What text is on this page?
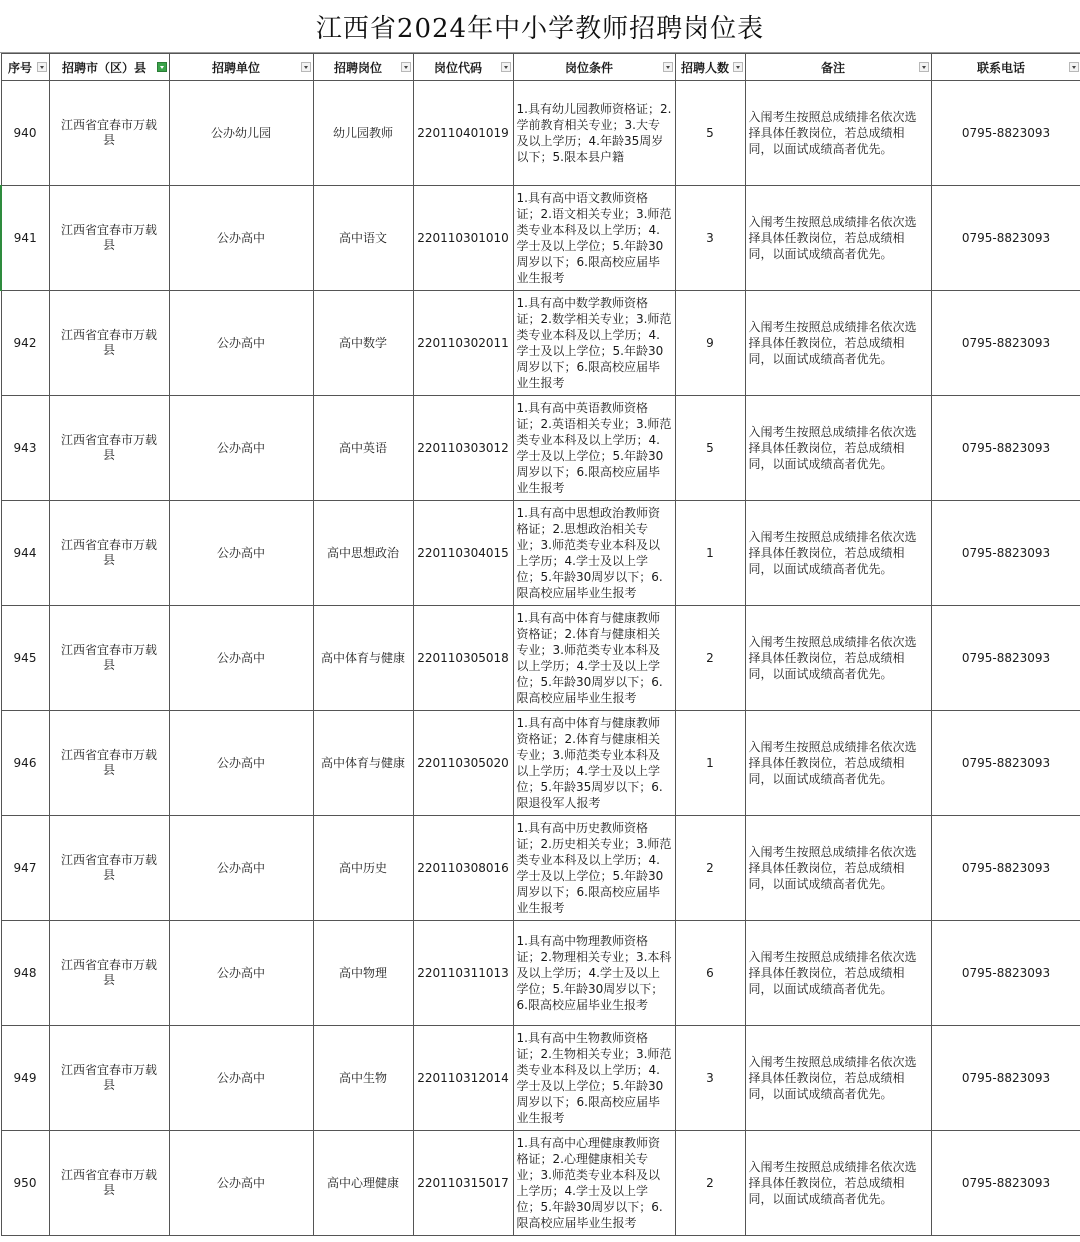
江西省2024年中小学教师招聘岗位表
序号	招聘市（区）县	招聘单位	招聘岗位	岗位代码	岗位条件	招聘人数	备注	联系电话

940	江西省宜春市万载县	公办幼儿园	幼儿园教师	220110401019	1.具有幼儿园教师资格证；2.学前教育相关专业；3.大专及以上学历；4.年龄35周岁以下；5.限本县户籍	5	入闱考生按照总成绩排名依次选择具体任教岗位，若总成绩相同，以面试成绩高者优先。	0795-8823093
941	江西省宜春市万载县	公办高中	高中语文	220110301010	1.具有高中语文教师资格证；2.语文相关专业；3.师范类专业本科及以上学历；4.学士及以上学位；5.年龄30周岁以下；6.限高校应届毕业生报考	3	入闱考生按照总成绩排名依次选择具体任教岗位，若总成绩相同，以面试成绩高者优先。	0795-8823093
942	江西省宜春市万载县	公办高中	高中数学	220110302011	1.具有高中数学教师资格证；2.数学相关专业；3.师范类专业本科及以上学历；4.学士及以上学位；5.年龄30周岁以下；6.限高校应届毕业生报考	9	入闱考生按照总成绩排名依次选择具体任教岗位，若总成绩相同，以面试成绩高者优先。	0795-8823093
943	江西省宜春市万载县	公办高中	高中英语	220110303012	1.具有高中英语教师资格证；2.英语相关专业；3.师范类专业本科及以上学历；4.学士及以上学位；5.年龄30周岁以下；6.限高校应届毕业生报考	5	入闱考生按照总成绩排名依次选择具体任教岗位，若总成绩相同，以面试成绩高者优先。	0795-8823093
944	江西省宜春市万载县	公办高中	高中思想政治	220110304015	1.具有高中思想政治教师资格证；2.思想政治相关专业；3.师范类专业本科及以上学历；4.学士及以上学位；5.年龄30周岁以下；6.限高校应届毕业生报考	1	入闱考生按照总成绩排名依次选择具体任教岗位，若总成绩相同，以面试成绩高者优先。	0795-8823093
945	江西省宜春市万载县	公办高中	高中体育与健康	220110305018	1.具有高中体育与健康教师资格证；2.体育与健康相关专业；3.师范类专业本科及以上学历；4.学士及以上学位；5.年龄30周岁以下；6.限高校应届毕业生报考	2	入闱考生按照总成绩排名依次选择具体任教岗位，若总成绩相同，以面试成绩高者优先。	0795-8823093
946	江西省宜春市万载县	公办高中	高中体育与健康	220110305020	1.具有高中体育与健康教师资格证；2.体育与健康相关专业；3.师范类专业本科及以上学历；4.学士及以上学位；5.年龄35周岁以下；6.限退役军人报考	1	入闱考生按照总成绩排名依次选择具体任教岗位，若总成绩相同，以面试成绩高者优先。	0795-8823093
947	江西省宜春市万载县	公办高中	高中历史	220110308016	1.具有高中历史教师资格证；2.历史相关专业；3.师范类专业本科及以上学历；4.学士及以上学位；5.年龄30周岁以下；6.限高校应届毕业生报考	2	入闱考生按照总成绩排名依次选择具体任教岗位，若总成绩相同，以面试成绩高者优先。	0795-8823093
948	江西省宜春市万载县	公办高中	高中物理	220110311013	1.具有高中物理教师资格证；2.物理相关专业；3.本科及以上学历；4.学士及以上学位；5.年龄30周岁以下；6.限高校应届毕业生报考	6	入闱考生按照总成绩排名依次选择具体任教岗位，若总成绩相同，以面试成绩高者优先。	0795-8823093
949	江西省宜春市万载县	公办高中	高中生物	220110312014	1.具有高中生物教师资格证；2.生物相关专业；3.师范类专业本科及以上学历；4.学士及以上学位；5.年龄30周岁以下；6.限高校应届毕业生报考	3	入闱考生按照总成绩排名依次选择具体任教岗位，若总成绩相同，以面试成绩高者优先。	0795-8823093
950	江西省宜春市万载县	公办高中	高中心理健康	220110315017	1.具有高中心理健康教师资格证；2.心理健康相关专业；3.师范类专业本科及以上学历；4.学士及以上学位；5.年龄30周岁以下；6.限高校应届毕业生报考	2	入闱考生按照总成绩排名依次选择具体任教岗位，若总成绩相同，以面试成绩高者优先。	0795-8823093
